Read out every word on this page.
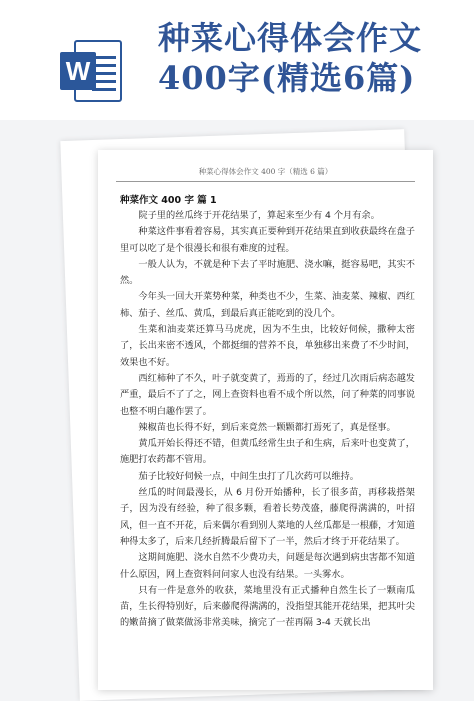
W
种菜心得体会作文
400字(精选6篇)
种菜心得体会作文 400 字（精选 6 篇）
种菜作文 400 字 篇 1

院子里的丝瓜终于开花结果了，算起来至少有 4 个月有余。

种菜这件事看着容易，其实真正要种到开花结果直到收获最终在盘子里可以吃了是个很漫长和很有难度的过程。

一般人认为，不就是种下去了平时施肥、浇水嘛，挺容易吧，其实不然。

今年头一回大开菜势种菜，种类也不少，生菜、油麦菜、辣椒、西红柿、茄子、丝瓜、黄瓜，到最后真正能吃到的没几个。

生菜和油麦菜还算马马虎虎，因为不生虫，比较好伺候，撒种太密了，长出来密不透风，个都挺细的营养不良，单独移出来费了不少时间，效果也不好。

西红柿种了不久，叶子就变黄了，焉焉的了，经过几次雨后病态越发严重，最后不了了之，网上查资料也看不成个所以然，问了种菜的同事说也整不明白趣作罢了。

辣椒苗也长得不好，到后来竟然一颗颗都打焉死了，真是怪事。

黄瓜开始长得还不错，但黄瓜经常生虫子和生病，后来叶也变黄了，施肥打农药都不管用。

茄子比较好伺候一点，中间生虫打了几次药可以维持。

丝瓜的时间最漫长，从 6 月份开始播种，长了很多苗，再移栽搭架子，因为没有经验，种了很多颗，看着长势茂盛，藤爬得满满的，叶招风，但一直不开花，后来偶尔看到别人菜地的人丝瓜都是一根藤，才知道种得太多了，后来几经折腾最后留下了一半，然后才终于开花结果了。

这期间施肥、浇水自然不少费功夫，问题是每次遇到病虫害都不知道什么原因，网上查资料问问家人也没有结果。一头雾水。

只有一件是意外的收获，菜地里没有正式播种自然生长了一颗南瓜苗，生长得特别好，后来藤爬得满满的，没指望其能开花结果，把其叶尖的嫩苗摘了做菜做汤非常美味，摘完了一茬再隔 3-4 天就长出
